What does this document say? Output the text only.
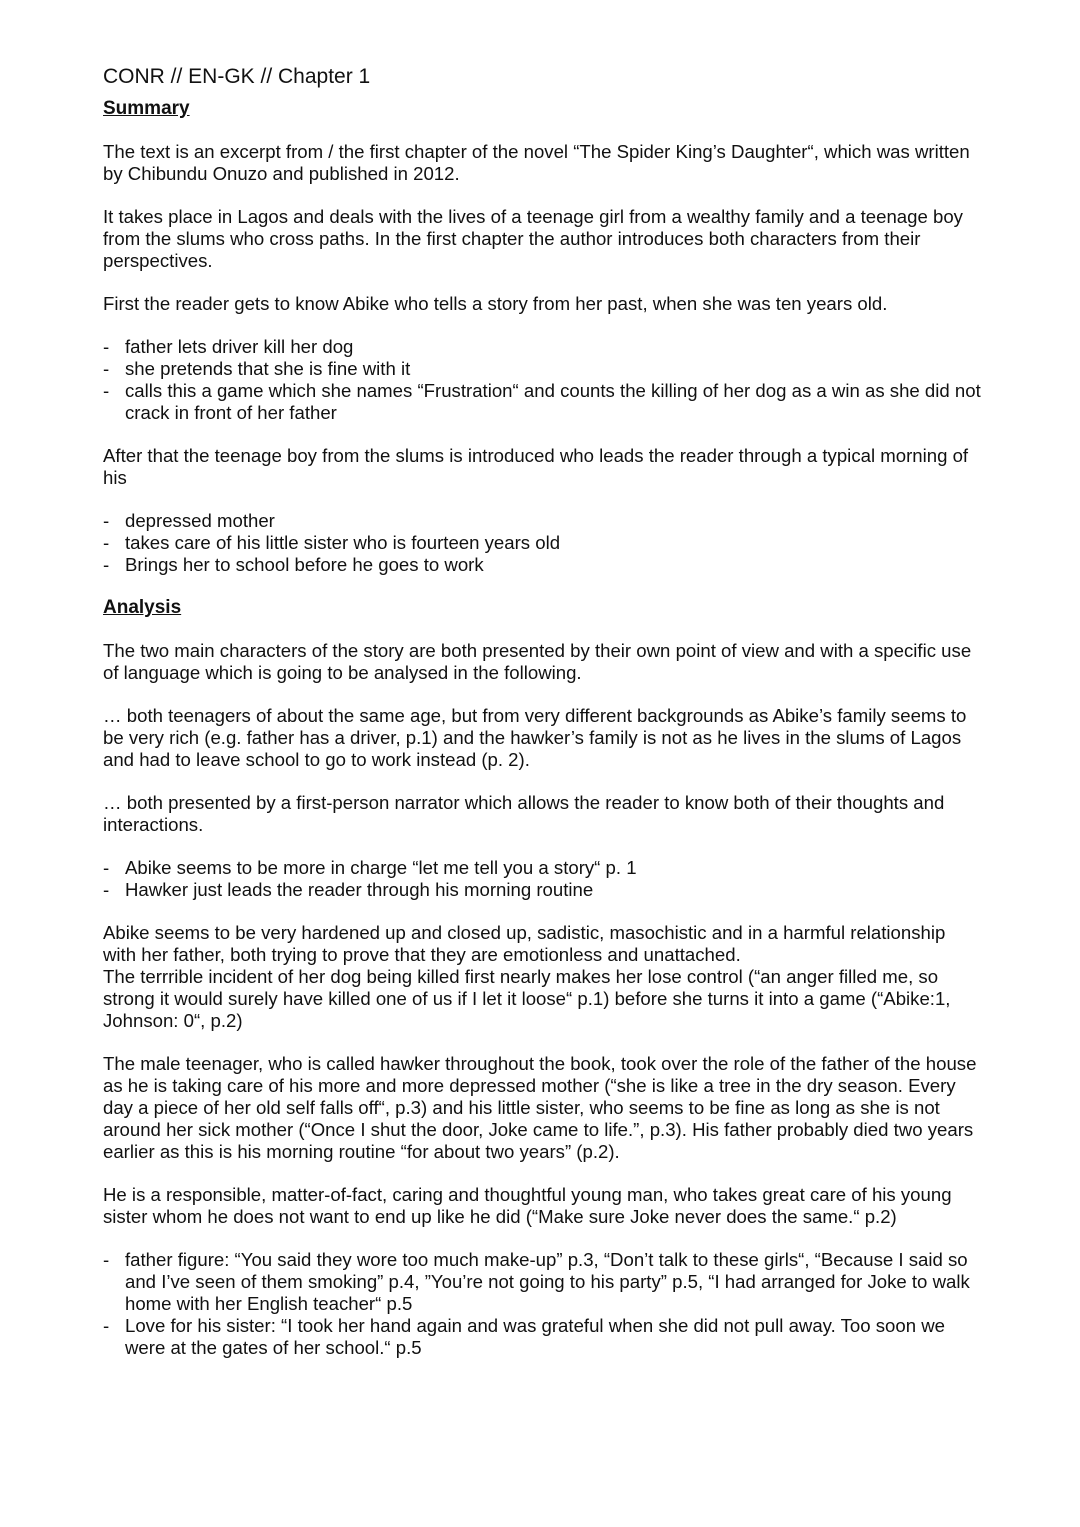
CONR // EN-GK // Chapter 1
Summary

The text is an excerpt from / the first chapter of the novel “The Spider King’s Daughter“, which was written by Chibundu Onuzo and published in 2012.

It takes place in Lagos and deals with the lives of a teenage girl from a wealthy family and a teenage boy from the slums who cross paths. In the first chapter the author introduces both characters from their perspectives.

First the reader gets to know Abike who tells a story from her past, when she was ten years old.

- father lets driver kill her dog
- she pretends that she is fine with it
- calls this a game which she names “Frustration“ and counts the killing of her dog as a win as she did not crack in front of her father

After that the teenage boy from the slums is introduced who leads the reader through a typical morning of his

- depressed mother
- takes care of his little sister who is fourteen years old
- Brings her to school before he goes to work
Analysis

The two main characters of the story are both presented by their own point of view and with a specific use of language which is going to be analysed in the following.

… both teenagers of about the same age, but from very different backgrounds as Abike’s family seems to be very rich (e.g. father has a driver, p.1) and the hawker’s family is not as he lives in the slums of Lagos and had to leave school to go to work instead (p. 2).

… both presented by a first-person narrator which allows the reader to know both of their thoughts and interactions.

- Abike seems to be more in charge “let me tell you a story“ p. 1
- Hawker just leads the reader through his morning routine

Abike seems to be very hardened up and closed up, sadistic, masochistic and in a harmful relationship with her father, both trying to prove that they are emotionless and unattached.

The terrrible incident of her dog being killed first nearly makes her lose control (“an anger filled me, so strong it would surely have killed one of us if I let it loose“ p.1) before she turns it into a game (“Abike:1, Johnson: 0“, p.2)

The male teenager, who is called hawker throughout the book, took over the role of the father of the house as he is taking care of his more and more depressed mother (“she is like a tree in the dry season. Every day a piece of her old self falls off“, p.3) and his little sister, who seems to be fine as long as she is not around her sick mother (“Once I shut the door, Joke came to life.”, p.3). His father probably died two years earlier as this is his morning routine “for about two years” (p.2).

He is a responsible, matter-of-fact, caring and thoughtful young man, who takes great care of his young sister whom he does not want to end up like he did (“Make sure Joke never does the same.“ p.2)

- father figure: “You said they wore too much make-up” p.3, “Don’t talk to these girls“, “Because I said so and I’ve seen of them smoking” p.4, ”You’re not going to his party” p.5, “I had arranged for Joke to walk home with her English teacher“ p.5
- Love for his sister: “I took her hand again and was grateful when she did not pull away. Too soon we were at the gates of her school.“ p.5
